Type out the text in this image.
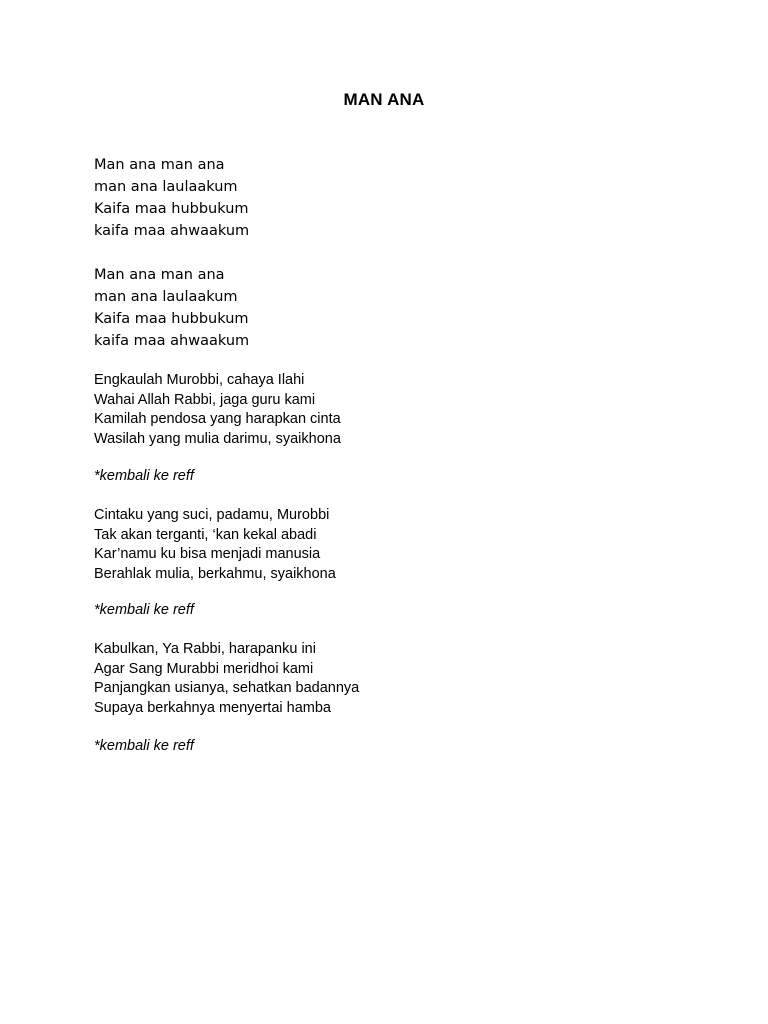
MAN ANA
Man ana man ana
man ana laulaakum
Kaifa maa hubbukum
kaifa maa ahwaakum
Man ana man ana
man ana laulaakum
Kaifa maa hubbukum
kaifa maa ahwaakum
Engkaulah Murobbi, cahaya Ilahi
Wahai Allah Rabbi, jaga guru kami
Kamilah pendosa yang harapkan cinta
Wasilah yang mulia darimu, syaikhona
*kembali ke reff
Cintaku yang suci, padamu, Murobbi
Tak akan terganti, ‘kan kekal abadi
Kar’namu ku bisa menjadi manusia
Berahlak mulia, berkahmu, syaikhona
*kembali ke reff
Kabulkan, Ya Rabbi, harapanku ini
Agar Sang Murabbi meridhoi kami
Panjangkan usianya, sehatkan badannya
Supaya berkahnya menyertai hamba
*kembali ke reff
